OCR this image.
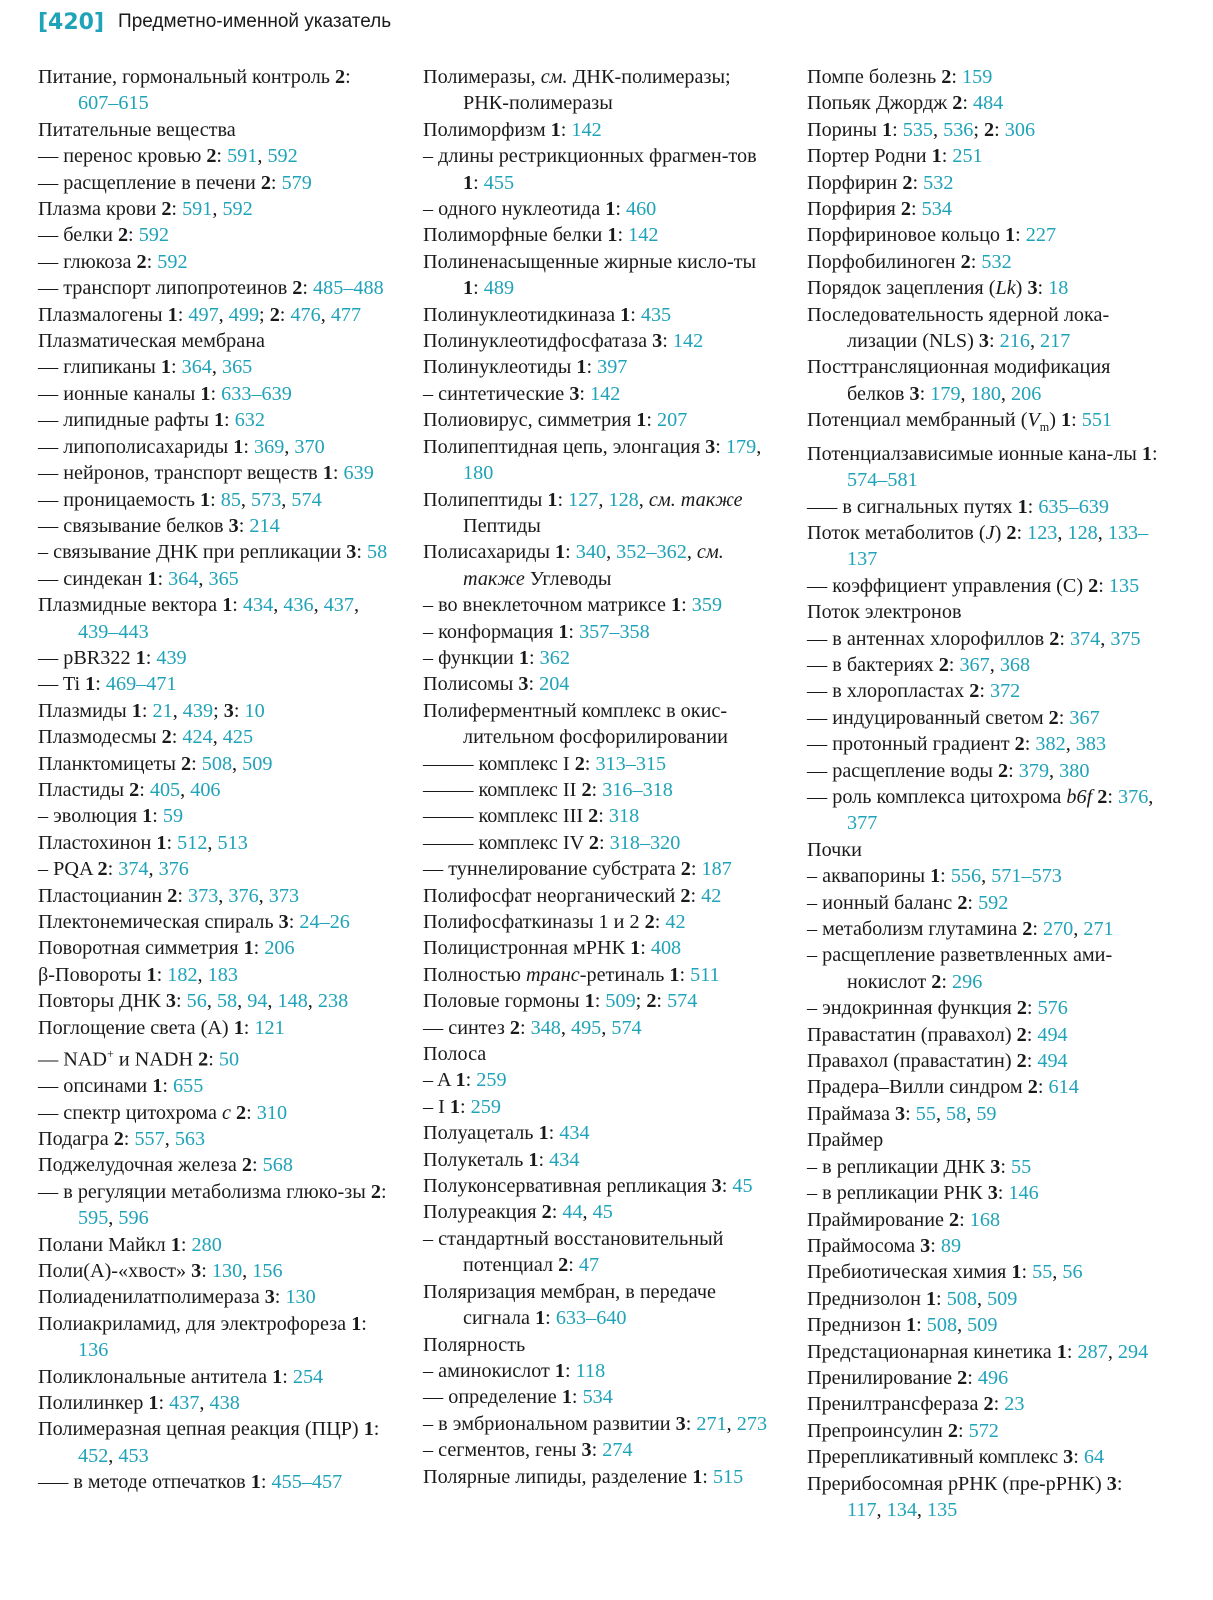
[420] Предметно-именной указатель
Питание, гормональный контроль 2: 607–615
Питательные вещества
–– перенос кровью 2: 591, 592
–– расщепление в печени 2: 579
Плазма крови 2: 591, 592
–– белки 2: 592
–– глюкоза 2: 592
–– транспорт липопротеинов 2: 485–488
Плазмалогены 1: 497, 499; 2: 476, 477
Плазматическая мембрана
–– глипиканы 1: 364, 365
–– ионные каналы 1: 633–639
–– липидные рафты 1: 632
–– липополисахариды 1: 369, 370
–– нейронов, транспорт веществ 1: 639
–– проницаемость 1: 85, 573, 574
–– связывание белков 3: 214
– связывание ДНК при репликации 3: 58
–– синдекан 1: 364, 365
Плазмидные вектора 1: 434, 436, 437, 439–443
–– pBR322 1: 439
–– Ti 1: 469–471
Плазмиды 1: 21, 439; 3: 10
Плазмодесмы 2: 424, 425
Планктомицеты 2: 508, 509
Пластиды 2: 405, 406
– эволюция 1: 59
Пластохинон 1: 512, 513
– PQA 2: 374, 376
Пластоцианин 2: 373, 376, 373
Плектонемическая спираль 3: 24–26
Поворотная симметрия 1: 206
β-Повороты 1: 182, 183
Повторы ДНК 3: 56, 58, 94, 148, 238
Поглощение света (A) 1: 121
–– NAD+ и NADH 2: 50
–– опсинами 1: 655
–– спектр цитохрома c 2: 310
Подагра 2: 557, 563
Поджелудочная железа 2: 568
–– в регуляции метаболизма глюко-зы 2: 595, 596
Полани Майкл 1: 280
Поли(A)-«хвост» 3: 130, 156
Полиаденилатполимераза 3: 130
Полиакриламид, для электрофореза 1: 136
Поликлональные антитела 1: 254
Полилинкер 1: 437, 438
Полимеразная цепная реакция (ПЦР) 1: 452, 453
––– в методе отпечатков 1: 455–457
Полимеразы, см. ДНК-полимеразы; РНК-полимеразы
Полиморфизм 1: 142
– длины рестрикционных фрагмен-тов 1: 455
– одного нуклеотида 1: 460
Полиморфные белки 1: 142
Полиненасыщенные жирные кисло-ты 1: 489
Полинуклеотидкиназа 1: 435
Полинуклеотидфосфатаза 3: 142
Полинуклеотиды 1: 397
– синтетические 3: 142
Полиовирус, симметрия 1: 207
Полипептидная цепь, элонгация 3: 179, 180
Полипептиды 1: 127, 128, см. также Пептиды
Полисахариды 1: 340, 352–362, см. также Углеводы
– во внеклеточном матриксе 1: 359
– конформация 1: 357–358
– функции 1: 362
Полисомы 3: 204
Полиферментный комплекс в окис-лительном фосфорилировании
––––– комплекс I 2: 313–315
––––– комплекс II 2: 316–318
––––– комплекс III 2: 318
––––– комплекс IV 2: 318–320
–– туннелирование субстрата 2: 187
Полифосфат неорганический 2: 42
Полифосфаткиназы 1 и 2 2: 42
Полицистронная мРНК 1: 408
Полностью транс-ретиналь 1: 511
Половые гормоны 1: 509; 2: 574
–– синтез 2: 348, 495, 574
Полоса
– A 1: 259
– I 1: 259
Полуацеталь 1: 434
Полукеталь 1: 434
Полуконсервативная репликация 3: 45
Полуреакция 2: 44, 45
– стандартный восстановительный потенциал 2: 47
Поляризация мембран, в передаче сигнала 1: 633–640
Полярность
– аминокислот 1: 118
–– определение 1: 534
– в эмбриональном развитии 3: 271, 273
– сегментов, гены 3: 274
Полярные липиды, разделение 1: 515
Помпе болезнь 2: 159
Попьяк Джордж 2: 484
Порины 1: 535, 536; 2: 306
Портер Родни 1: 251
Порфирин 2: 532
Порфирия 2: 534
Порфириновое кольцо 1: 227
Порфобилиноген 2: 532
Порядок зацепления (Lk) 3: 18
Последовательность ядерной лока-лизации (NLS) 3: 216, 217
Посттрансляционная модификация белков 3: 179, 180, 206
Потенциал мембранный $(V_m)$ 1: 551
Потенциалзависимые ионные кана-лы 1: 574–581
––– в сигнальных путях 1: 635–639
Поток метаболитов (J) 2: 123, 128, 133–137
–– коэффициент управления (C) 2: 135
Поток электронов
–– в антеннах хлорофиллов 2: 374, 375
–– в бактериях 2: 367, 368
–– в хлоропластах 2: 372
–– индуцированный светом 2: 367
–– протонный градиент 2: 382, 383
–– расщепление воды 2: 379, 380
–– роль комплекса цитохрома b6f 2: 376, 377
Почки
– аквапорины 1: 556, 571–573
– ионный баланс 2: 592
– метаболизм глутамина 2: 270, 271
– расщепление разветвленных ами-нокислот 2: 296
– эндокринная функция 2: 576
Правастатин (правахол) 2: 494
Правахол (правастатин) 2: 494
Прадера–Вилли синдром 2: 614
Праймаза 3: 55, 58, 59
Праймер
– в репликации ДНК 3: 55
– в репликации РНК 3: 146
Праймирование 2: 168
Праймосома 3: 89
Пребиотическая химия 1: 55, 56
Преднизолон 1: 508, 509
Преднизон 1: 508, 509
Предстационарная кинетика 1: 287, 294
Пренилирование 2: 496
Пренилтрансфераза 2: 23
Препроинсулин 2: 572
Пререпликативный комплекс 3: 64
Прерибосомная рРНК (пре-рРНК) 3: 117, 134, 135
